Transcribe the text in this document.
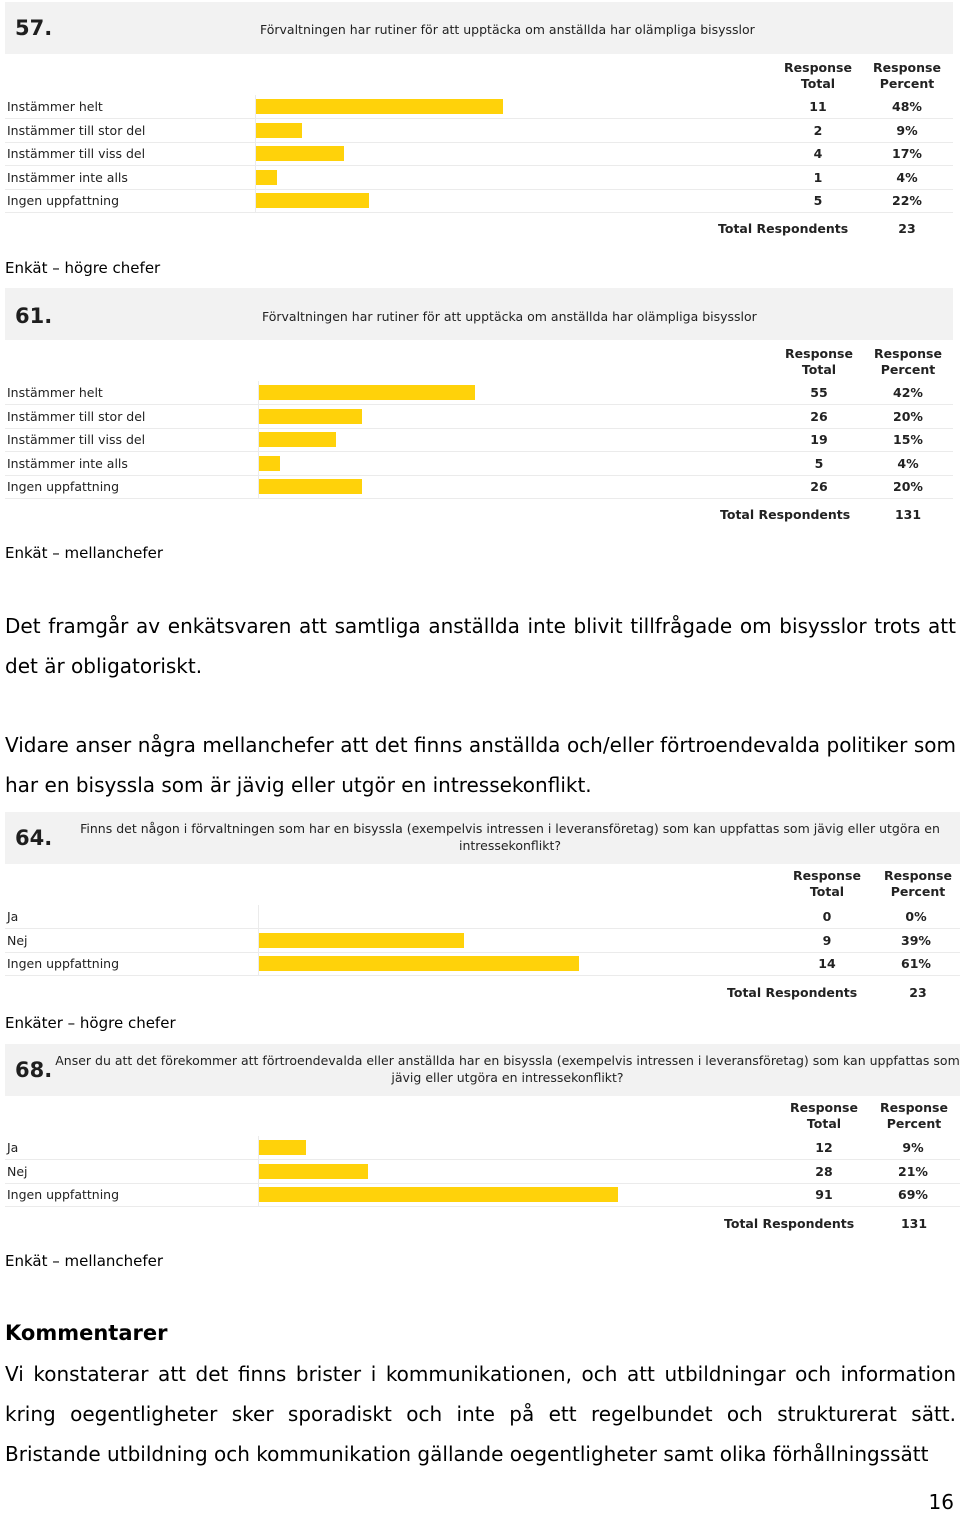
57.	Förvaltningen har rutiner för att upptäcka om anställda har olämpliga bisysslor
Response
Total
Response
Percent
Instämmer helt	11	48%
Instämmer till stor del	2	9%
Instämmer till viss del	4	17%
Instämmer inte alls	1	4%
Ingen uppfattning	5	22%
Total Respondents	23
Enkät – högre chefer
61.	Förvaltningen har rutiner för att upptäcka om anställda har olämpliga bisysslor
Response
Total
Response
Percent
Instämmer helt	55	42%
Instämmer till stor del	26	20%
Instämmer till viss del	19	15%
Instämmer inte alls	5	4%
Ingen uppfattning	26	20%
Total Respondents	131
Enkät – mellanchefer
Det framgår av enkätsvaren att samtliga anställda inte blivit tillfrågade om bisysslor trots att det är obligatoriskt.
Vidare anser några mellanchefer att det finns anställda och/eller förtroendevalda politiker som har en bisyssla som är jävig eller utgör en intressekonflikt.
64.	Finns det någon i förvaltningen som har en bisyssla (exempelvis intressen i leveransföretag) som kan uppfattas som jävig eller utgöra en intressekonflikt?
Response
Total
Response
Percent
Ja	0	0%
Nej	9	39%
Ingen uppfattning	14	61%
Total Respondents	23
Enkäter – högre chefer
68. Anser du att det förekommer att förtroendevalda eller anställda har en bisyssla (exempelvis intressen i leveransföretag) som kan uppfattas som jävig eller utgöra en intressekonflikt?
Response
Total
Response
Percent
Ja	12	9%
Nej	28	21%
Ingen uppfattning	91	69%
Total Respondents	131
Enkät – mellanchefer
Kommentarer
Vi konstaterar att det finns brister i kommunikationen, och att utbildningar och information kring oegentligheter sker sporadiskt och inte på ett regelbundet och strukturerat sätt. Bristande utbildning och kommunikation gällande oegentligheter samt olika förhållningssätt
16
